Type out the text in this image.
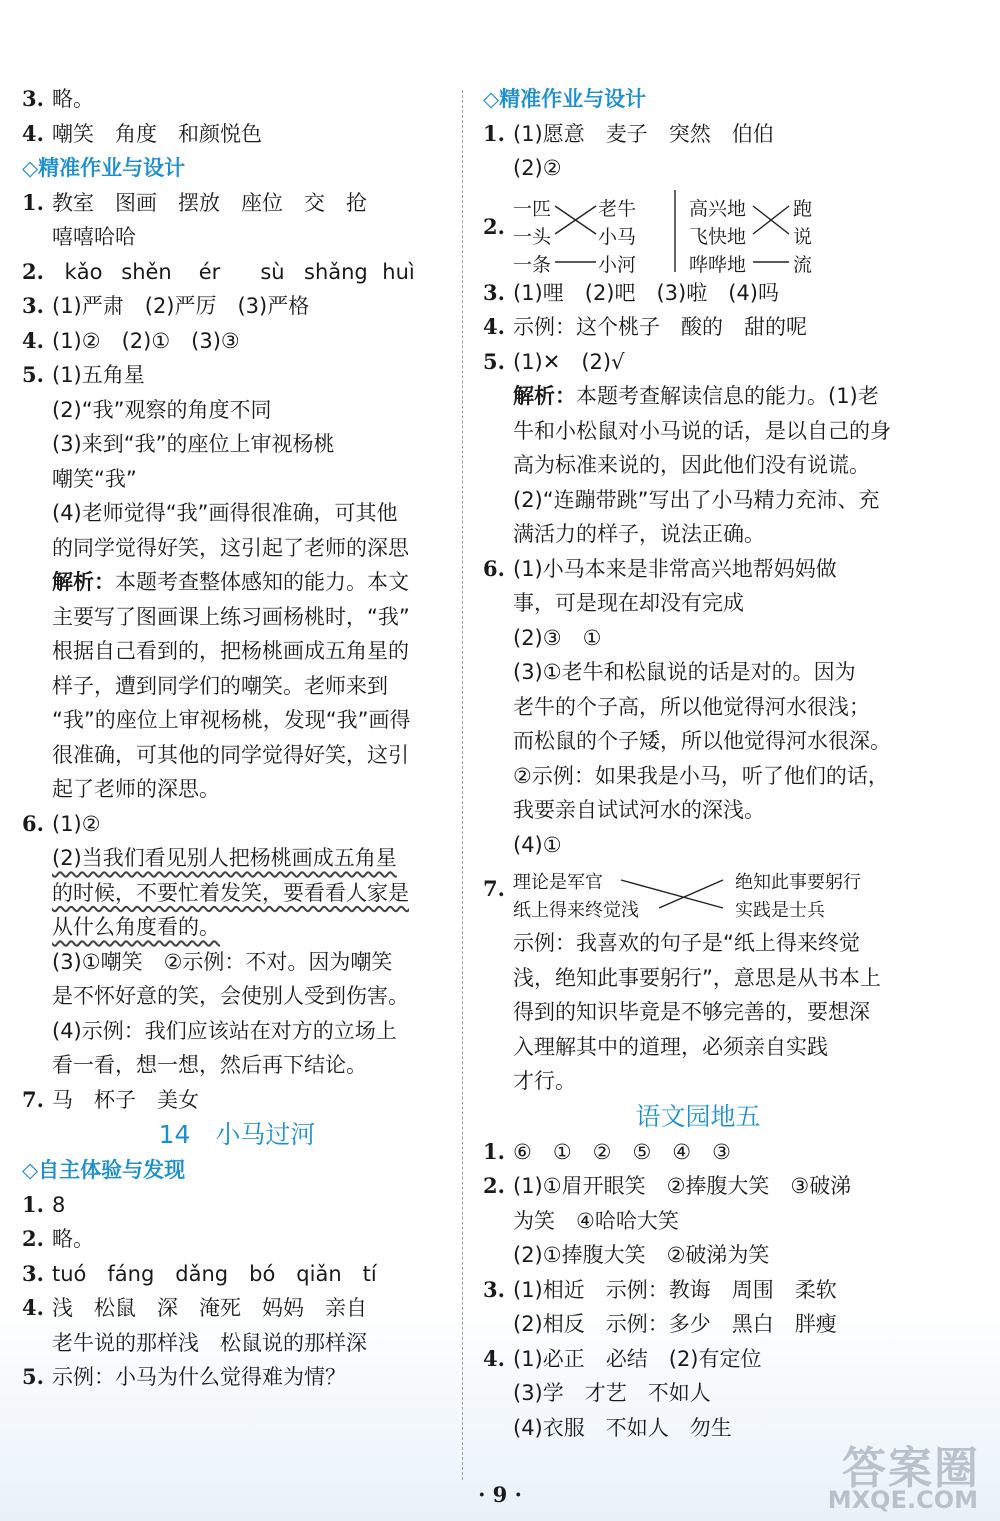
3. 略。
4. 嘲笑　角度　和颜悦色
◇精准作业与设计
1. 教室　图画　摆放　座位　交　抢
嘻嘻哈哈
2. kǎo shěn ér sù shǎng huì
3. (1)严肃　(2)严厉　(3)严格
4. (1)②　(2)①　(3)③
5. (1)五角星
(2)“我”观察的角度不同
(3)来到“我”的座位上审视杨桃
嘲笑“我”
(4)老师觉得“我”画得很准确，可其他
的同学觉得好笑，这引起了老师的深思
解析：本题考查整体感知的能力。本文
主要写了图画课上练习画杨桃时，“我”
根据自己看到的，把杨桃画成五角星的
样子，遭到同学们的嘲笑。老师来到
“我”的座位上审视杨桃，发现“我”画得
很准确，可其他的同学觉得好笑，这引
起了老师的深思。
6. (1)②
(2)当我们看见别人把杨桃画成五角星
的时候，不要忙着发笑，要看看人家是
从什么角度看的。
(3)①嘲笑　②示例：不对。因为嘲笑
是不怀好意的笑，会使别人受到伤害。
(4)示例：我们应该站在对方的立场上
看一看，想一想，然后再下结论。
7. 马　杯子　美女
14　小马过河
◇自主体验与发现
1. 8
2. 略。
3. tuó　fáng　dǎng　bó　qiǎn　tí
4. 浅　松鼠　深　淹死　妈妈　亲自
老牛说的那样浅　松鼠说的那样深
5. 示例：小马为什么觉得难为情？
◇精准作业与设计
1. (1)愿意　麦子　突然　伯伯
(2)②
2.
一匹
一头
一条
老牛
小马
小河
高兴地
飞快地
哗哗地
跑
说
流
3. (1)哩　(2)吧　(3)啦　(4)吗
4. 示例：这个桃子　酸的　甜的呢
5. (1)✕　(2)√
解析：本题考查解读信息的能力。(1)老
牛和小松鼠对小马说的话，是以自己的身
高为标准来说的，因此他们没有说谎。
(2)“连蹦带跳”写出了小马精力充沛、充
满活力的样子，说法正确。
6. (1)小马本来是非常高兴地帮妈妈做
事，可是现在却没有完成
(2)③　①
(3)①老牛和松鼠说的话是对的。因为
老牛的个子高，所以他觉得河水很浅；
而松鼠的个子矮，所以他觉得河水很深。
②示例：如果我是小马，听了他们的话，
我要亲自试试河水的深浅。
(4)①
7. 理论是军官
纸上得来终觉浅
绝知此事要躬行
实践是士兵
示例：我喜欢的句子是“纸上得来终觉
浅，绝知此事要躬行”，意思是从书本上
得到的知识毕竟是不够完善的，要想深
入理解其中的道理，必须亲自实践
才行。
语文园地五
1. ⑥　①　②　⑤　④　③
2. (1)①眉开眼笑　②捧腹大笑　③破涕
为笑　④哈哈大笑
(2)①捧腹大笑　②破涕为笑
3. (1)相近　示例：教诲　周围　柔软
(2)相反　示例：多少　黑白　胖瘦
4. (1)必正　必结　(2)有定位
(3)学　才艺　不如人
(4)衣服　不如人　勿生
· 9 ·
答案圈
MXQE.COM
